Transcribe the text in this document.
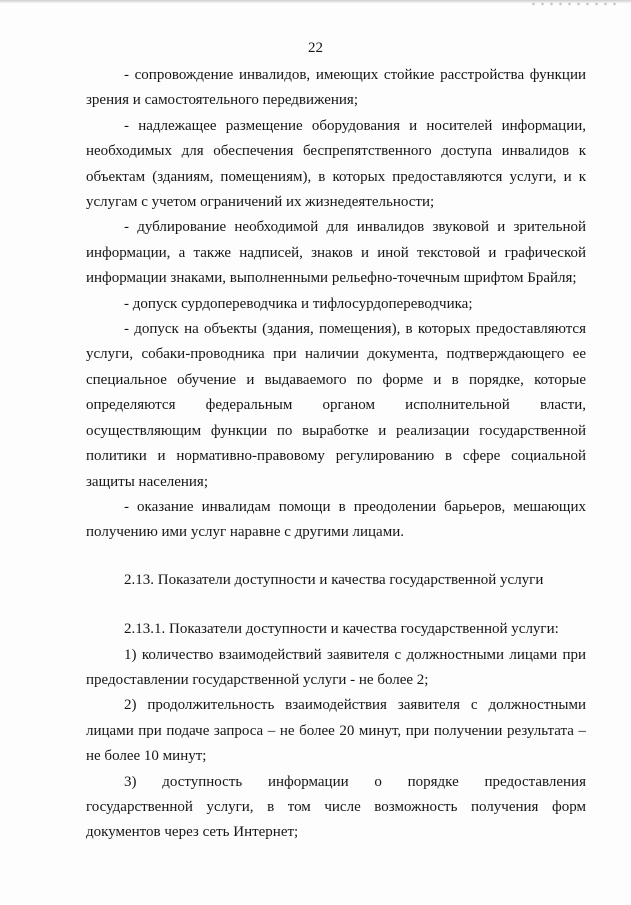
22

- сопровождение инвалидов, имеющих стойкие расстройства функции зрения и самостоятельного передвижения;

- надлежащее размещение оборудования и носителей информации, необходимых для обеспечения беспрепятственного доступа инвалидов к объектам (зданиям, помещениям), в которых предоставляются услуги, и к услугам с учетом ограничений их жизнедеятельности;

- дублирование необходимой для инвалидов звуковой и зрительной информации, а также надписей, знаков и иной текстовой и графической информации знаками, выполненными рельефно-точечным шрифтом Брайля;

- допуск сурдопереводчика и тифлосурдопереводчика;

- допуск на объекты (здания, помещения), в которых предоставляются услуги, собаки-проводника при наличии документа, подтверждающего ее специальное обучение и выдаваемого по форме и в порядке, которые определяются федеральным органом исполнительной власти, осуществляющим функции по выработке и реализации государственной политики и нормативно-правовому регулированию в сфере социальной защиты населения;

- оказание инвалидам помощи в преодолении барьеров, мешающих получению ими услуг наравне с другими лицами.

2.13. Показатели доступности и качества государственной услуги

2.13.1. Показатели доступности и качества государственной услуги:

1) количество взаимодействий заявителя с должностными лицами при предоставлении государственной услуги - не более 2;

2) продолжительность взаимодействия заявителя с должностными лицами при подаче запроса – не более 20 минут, при получении результата – не более 10 минут;

3) доступность информации о порядке предоставления государственной услуги, в том числе возможность получения форм документов через сеть Интернет;
